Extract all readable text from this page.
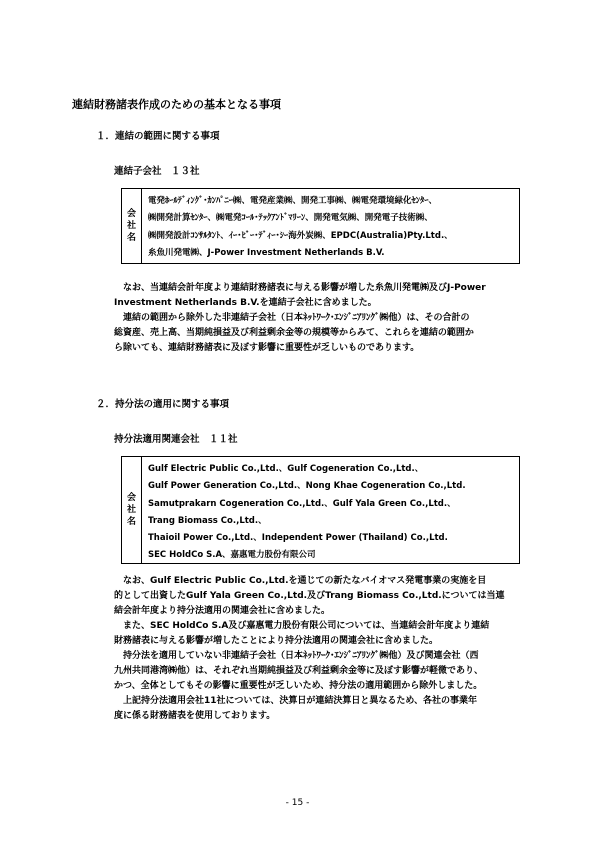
連結財務諸表作成のための基本となる事項
１．連結の範囲に関する事項
連結子会社　１３社
会
社
名
電発ﾎｰﾙﾃﾞｨﾝｸﾞ･ｶﾝﾊﾟﾆｰ㈱、電発産業㈱、開発工事㈱、㈱電発環境緑化ｾﾝﾀｰ、
㈱開発計算ｾﾝﾀｰ、㈱電発ｺｰﾙ･ﾃｯｸｱﾝﾄﾞﾏﾘｰﾝ、開発電気㈱、開発電子技術㈱、
㈱開発設計ｺﾝｻﾙﾀﾝﾄ、ｲｰ･ﾋﾞｰ･ﾃﾞｨｰ･ｼｰ海外炭㈱、EPDC(Australia)Pty.Ltd.、
糸魚川発電㈱、J-Power Investment Netherlands B.V.
　なお、当連結会計年度より連結財務諸表に与える影響が増した糸魚川発電㈱及びJ-Power
Investment Netherlands B.V.を連結子会社に含めました。
　連結の範囲から除外した非連結子会社（日本ﾈｯﾄﾜｰｸ･ｴﾝｼﾞﾆｱﾘﾝｸﾞ㈱他）は、その合計の
総資産、売上高、当期純損益及び利益剰余金等の規模等からみて、これらを連結の範囲か
ら除いても、連結財務諸表に及ぼす影響に重要性が乏しいものであります。
２．持分法の適用に関する事項
持分法適用関連会社　１１社
会
社
名
Gulf Electric Public Co.,Ltd.、Gulf Cogeneration Co.,Ltd.、
Gulf Power Generation Co.,Ltd.、Nong Khae Cogeneration Co.,Ltd.
Samutprakarn Cogeneration Co.,Ltd.、Gulf Yala Green Co.,Ltd.、
Trang Biomass Co.,Ltd.、
Thaioil Power Co.,Ltd.、Independent Power (Thailand) Co.,Ltd.
SEC HoldCo S.A、嘉惠電力股份有限公司
　なお、Gulf Electric Public Co.,Ltd.を通じての新たなバイオマス発電事業の実施を目
的として出資したGulf Yala Green Co.,Ltd.及びTrang Biomass Co.,Ltd.については当連
結会計年度より持分法適用の関連会社に含めました。
　また、SEC HoldCo S.A及び嘉惠電力股份有限公司については、当連結会計年度より連結
財務諸表に与える影響が増したことにより持分法適用の関連会社に含めました。
　持分法を適用していない非連結子会社（日本ﾈｯﾄﾜｰｸ･ｴﾝｼﾞﾆｱﾘﾝｸﾞ㈱他）及び関連会社（西
九州共同港湾㈱他）は、それぞれ当期純損益及び利益剰余金等に及ぼす影響が軽微であり、
かつ、全体としてもその影響に重要性が乏しいため、持分法の適用範囲から除外しました。
　上記持分法適用会社11社については、決算日が連結決算日と異なるため、各社の事業年
度に係る財務諸表を使用しております。
- 15 -
